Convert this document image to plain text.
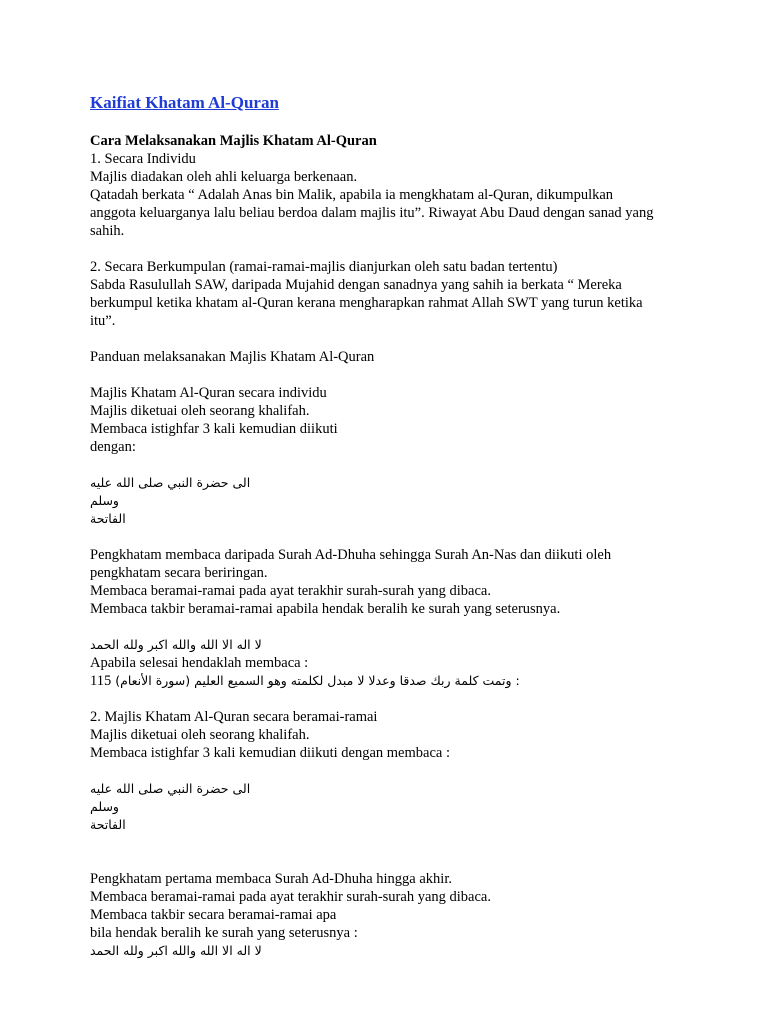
Kaifiat Khatam Al-Quran
Cara Melaksanakan Majlis Khatam Al-Quran
1. Secara Individu
Majlis diadakan oleh ahli keluarga berkenaan.
Qatadah berkata “ Adalah Anas bin Malik, apabila ia mengkhatam al-Quran, dikumpulkan
anggota keluarganya lalu beliau berdoa dalam majlis itu”. Riwayat Abu Daud dengan sanad yang
sahih.
2. Secara Berkumpulan (ramai-ramai-majlis dianjurkan oleh satu badan tertentu)
Sabda Rasulullah SAW, daripada Mujahid dengan sanadnya yang sahih ia berkata “ Mereka
berkumpul ketika khatam al-Quran kerana mengharapkan rahmat Allah SWT yang turun ketika
itu”.
Panduan melaksanakan Majlis Khatam Al-Quran
Majlis Khatam Al-Quran secara individu
Majlis diketuai oleh seorang khalifah.
Membaca istighfar 3 kali kemudian diikuti
dengan:
الى حضرة النبي صلى الله عليه وسلم
الفاتحة
Pengkhatam membaca daripada Surah Ad-Dhuha sehingga Surah An-Nas dan diikuti oleh
pengkhatam secara beriringan.
Membaca beramai-ramai pada ayat terakhir surah-surah yang dibaca.
Membaca takbir beramai-ramai apabila hendak beralih ke surah yang seterusnya.
لا اله الا الله والله اكبر ولله الحمد
Apabila selesai hendaklah membaca :
115 : وتمت كلمة ربك صدقا وعدلا لا مبدل لكلمته وهو السميع العليم (سورة الأنعام)
2. Majlis Khatam Al-Quran secara beramai-ramai
Majlis diketuai oleh seorang khalifah.
Membaca istighfar 3 kali kemudian diikuti dengan membaca :
الى حضرة النبي صلى الله عليه وسلم
الفاتحة
Pengkhatam pertama membaca Surah Ad-Dhuha hingga akhir.
Membaca beramai-ramai pada ayat terakhir surah-surah yang dibaca.
Membaca takbir secara beramai-ramai apa
bila hendak beralih ke surah yang seterusnya :
لا اله الا الله والله اكبر ولله الحمد
